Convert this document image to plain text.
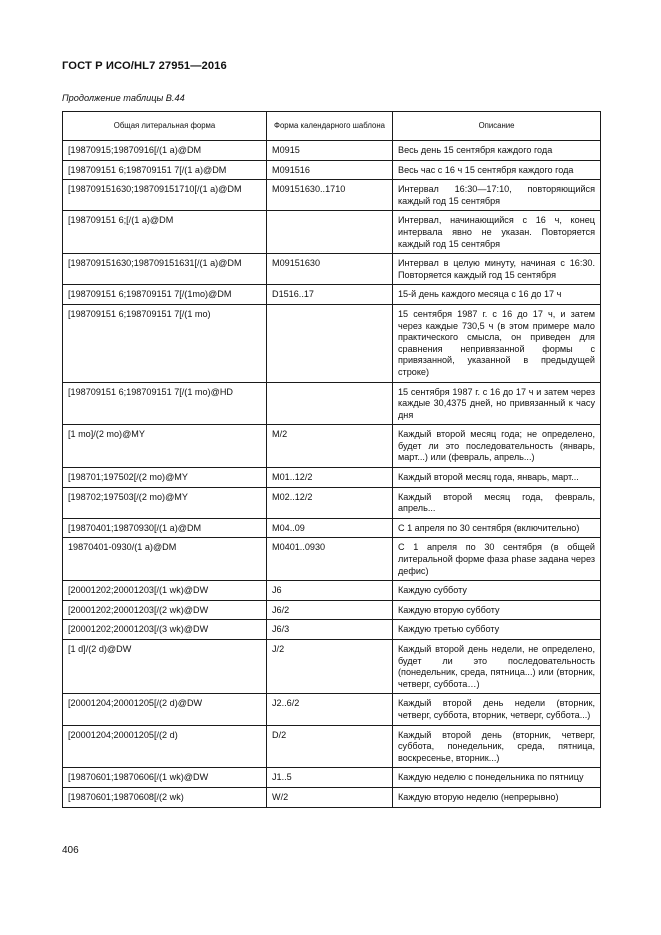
ГОСТ Р ИСО/HL7 27951—2016
Продолжение таблицы В.44
Общая литеральная форма	Форма календарного шаблона	Описание
[19870915;19870916[/(1 a)@DM	M0915	Весь день 15 сентября каждого года
[198709151 6;198709151 7[/(1 a)@DM	M091516	Весь час с 16 ч 15 сентября каждого года
[198709151630;198709151710[/(1 a)@DM	M09151630..1710	Интервал 16:30—17:10, повторяющийся каждый год 15 сентября
[198709151 6;[/(1 a)@DM		Интервал, начинающийся с 16 ч, конец интервала явно не указан. Повторяется каждый год 15 сентября
[198709151630;198709151631[/(1 a)@DM	M09151630	Интервал в целую минуту, начиная с 16:30. Повторяется каждый год 15 сентября
[198709151 6;198709151 7[/(1mo)@DM	D1516..17	15-й день каждого месяца с 16 до 17 ч
[198709151 6;198709151 7[/(1 mo)		15 сентября 1987 г. с 16 до 17 ч, и затем через каждые 730,5 ч (в этом примере мало практического смысла, он приведен для сравнения непривязанной формы с привязанной, указанной в предыдущей строке)
[198709151 6;198709151 7[/(1 mo)@HD		15 сентября 1987 г. с 16 до 17 ч и затем через каждые 30,4375 дней, но привязанный к часу дня
[1 mo]/(2 mo)@MY	M/2	Каждый второй месяц года; не определено, будет ли это последовательность (январь, март...) или (февраль, апрель...)
[198701;197502[/(2 mo)@MY	M01..12/2	Каждый второй месяц года, январь, март...
[198702;197503[/(2 mo)@MY	M02..12/2	Каждый второй месяц года, февраль, апрель...
[19870401;19870930[/(1 a)@DM	M04..09	С 1 апреля по 30 сентября (включительно)
19870401-0930/(1 a)@DM	M0401..0930	С 1 апреля по 30 сентября (в общей литеральной форме фаза phase задана через дефис)
[20001202;20001203[/(1 wk)@DW	J6	Каждую субботу
[20001202;20001203[/(2 wk)@DW	J6/2	Каждую вторую субботу
[20001202;20001203[/(3 wk)@DW	J6/3	Каждую третью субботу
[1 d]/(2 d)@DW	J/2	Каждый второй день недели, не определено, будет ли это последовательность (понедельник, среда, пятница...) или (вторник, четверг, суббота…)
[20001204;20001205[/(2 d)@DW	J2..6/2	Каждый второй день недели (вторник, четверг, суббота, вторник, четверг, суббота...)
[20001204;20001205[/(2 d)	D/2	Каждый второй день (вторник, четверг, суббота, понедельник, среда, пятница, воскресенье, вторник...)
[19870601;19870606[/(1 wk)@DW	J1..5	Каждую неделю с понедельника по пятницу
[19870601;19870608[/(2 wk)	W/2	Каждую вторую неделю (непрерывно)
406
